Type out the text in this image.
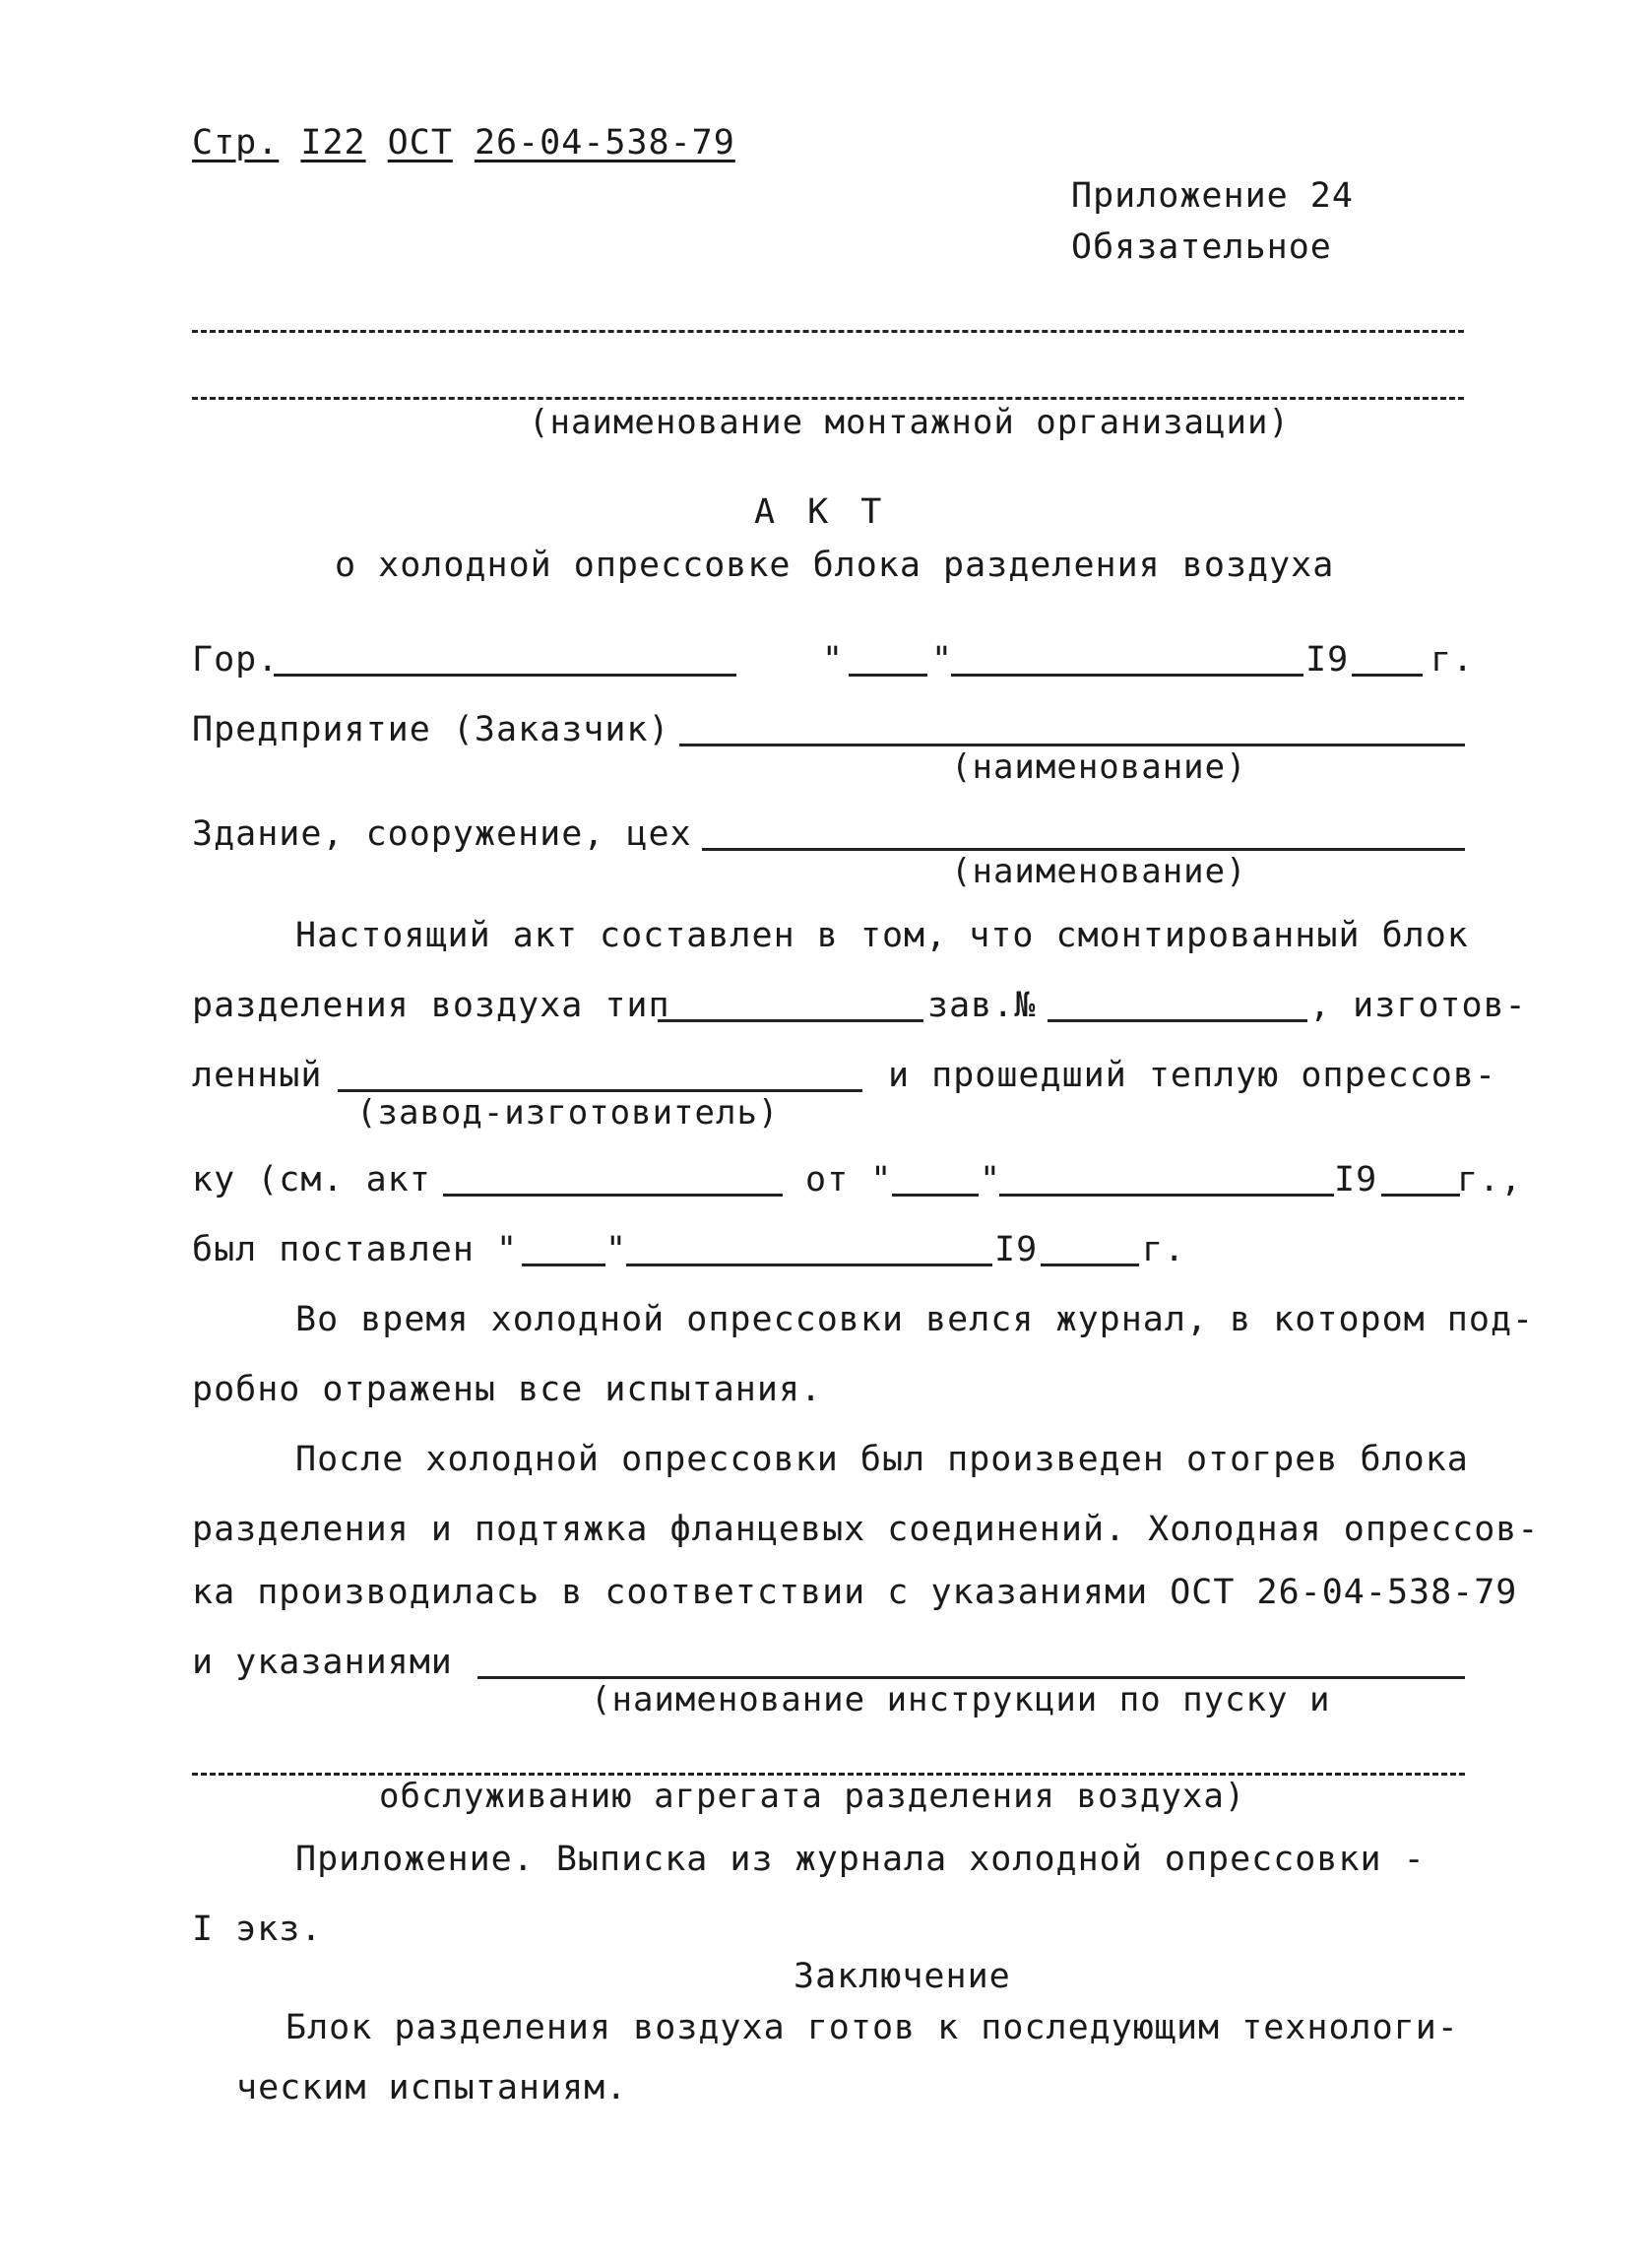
Стр. I22 ОСТ 26-04-538-79
Приложение 24
Обязательное
(наименование монтажной организации)
А К Т
о холодной опрессовке блока разделения воздуха
Гор.	"	"	I9 г.
Предприятие (Заказчик)
(наименование)
Здание, сооружение, цех
(наименование)
Настоящий акт составлен в том, что смонтированный блок
разделения воздуха тип	зав.№	, изготов-
ленный	и прошедший теплую опрессов-
(завод-изготовитель)
ку (см. акт	от "	"	I9 г.,
был поставлен "	"	I9	г.
Во время холодной опрессовки велся журнал, в котором под-
робно отражены все испытания.
После холодной опрессовки был произведен отогрев блока
разделения и подтяжка фланцевых соединений. Холодная опрессов-
ка производилась в соответствии с указаниями ОСТ 26-04-538-79
и указаниями
(наименование инструкции по пуску и
обслуживанию агрегата разделения воздуха)
Приложение. Выписка из журнала холодной опрессовки -
I экз.
Заключение
Блок разделения воздуха готов к последующим технологи-
ческим испытаниям.
